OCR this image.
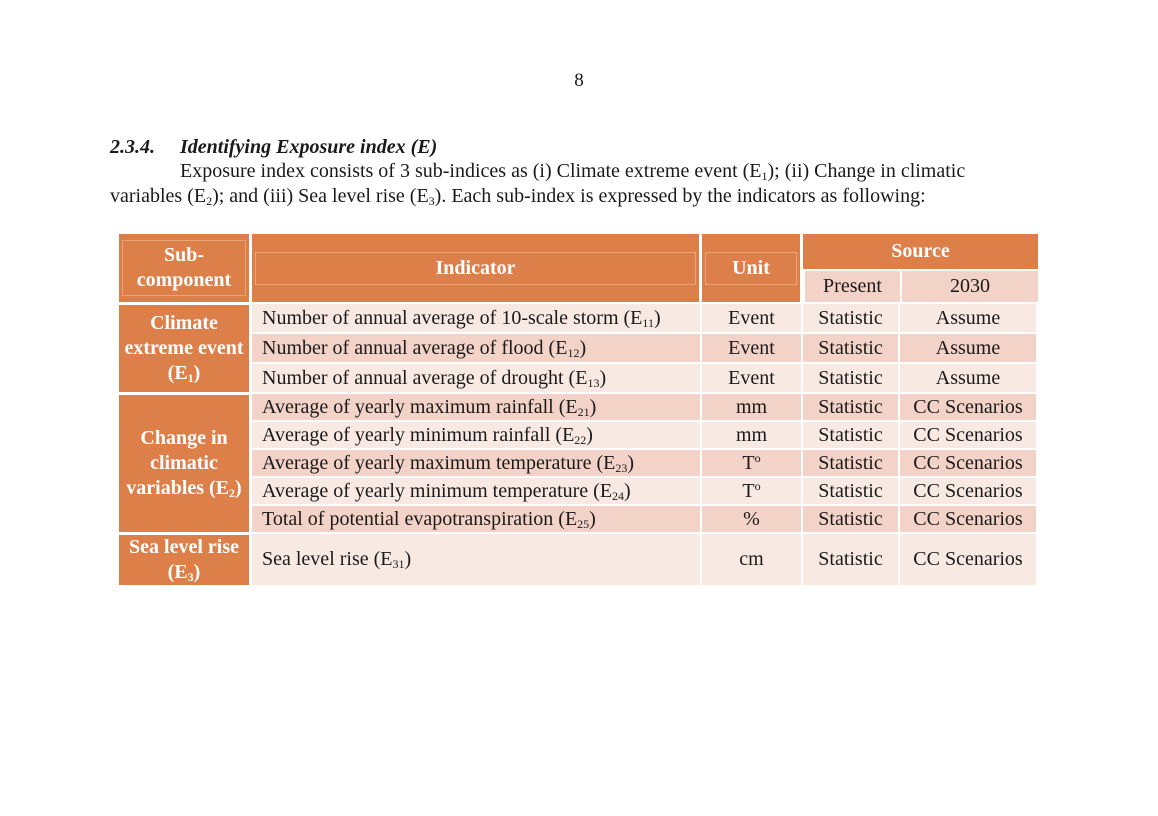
8
2.3.4. Identifying Exposure index (E)
Exposure index consists of 3 sub-indices as (i) Climate extreme event $(E_1)$; (ii) Change in climatic
variables $(E_2)$; and (iii) Sea level rise $(E_3)$. Each sub-index is expressed by the indicators as following:
Sub-component	Indicator	Unit	Source	
			Present	2030
Climate extreme event $(E_1)$	Number of annual average of 10-scale storm $(E_{11})$	Event	Statistic	Assume
	Number of annual average of flood $(E_{12})$	Event	Statistic	Assume
	Number of annual average of drought $(E_{13})$	Event	Statistic	Assume
Change in climatic variables $(E_2)$	Average of yearly maximum rainfall $(E_{21})$	mm	Statistic	CC Scenarios
	Average of yearly minimum rainfall $(E_{22})$	mm	Statistic	CC Scenarios
	Average of yearly maximum temperature $(E_{23})$	$T^o$	Statistic	CC Scenarios
	Average of yearly minimum temperature $(E_{24})$	$T^o$	Statistic	CC Scenarios
	Total of potential evapotranspiration $(E_{25})$	%	Statistic	CC Scenarios
Sea level rise $(E_3)$	Sea level rise $(E_{31})$	cm	Statistic	CC Scenarios
